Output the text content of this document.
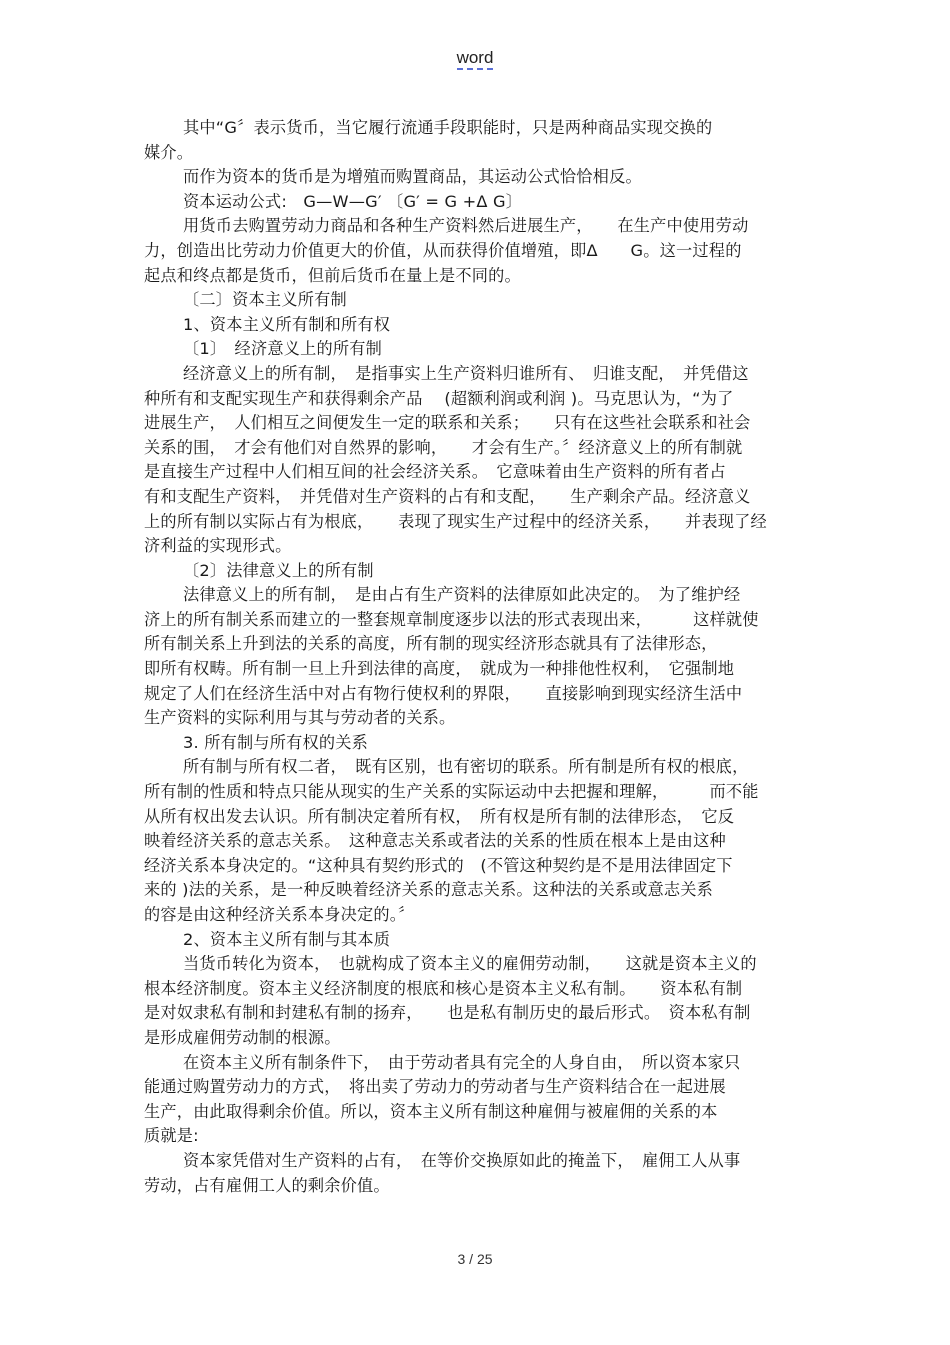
word
其中“G〞表示货币，当它履行流通手段职能时，只是两种商品实现交换的
媒介。
而作为资本的货币是为增殖而购置商品，其运动公式恰恰相反。
资本运动公式:　G—W—G′ 〔G′ = G +Δ G〕
用货币去购置劳动力商品和各种生产资料然后进展生产，　　在生产中使用劳动
力，创造出比劳动力价值更大的价值，从而获得价值增殖，即Δ　　G。这一过程的
起点和终点都是货币，但前后货币在量上是不同的。
〔二〕资本主义所有制
1、资本主义所有制和所有权
〔1〕　经济意义上的所有制
经济意义上的所有制，　是指事实上生产资料归谁所有、　归谁支配，　并凭借这
种所有和支配实现生产和获得剩余产品　 (超额利润或利润 )。马克思认为，“为了
进展生产，　人们相互之间便发生一定的联系和关系；　　只有在这些社会联系和社会
关系的围，　才会有他们对自然界的影响，　　才会有生产。〞经济意义上的所有制就
是直接生产过程中人们相互间的社会经济关系。　它意味着由生产资料的所有者占
有和支配生产资料，　并凭借对生产资料的占有和支配，　　生产剩余产品。经济意义
上的所有制以实际占有为根底，　　表现了现实生产过程中的经济关系，　　并表现了经
济利益的实现形式。
〔2〕法律意义上的所有制
法律意义上的所有制，　是由占有生产资料的法律原如此决定的。　为了维护经
济上的所有制关系而建立的一整套规章制度逐步以法的形式表现出来，　　　这样就使
所有制关系上升到法的关系的高度，所有制的现实经济形态就具有了法律形态，
即所有权畴。所有制一旦上升到法律的高度，　就成为一种排他性权利，　它强制地
规定了人们在经济生活中对占有物行使权利的界限，　　直接影响到现实经济生活中
生产资料的实际利用与其与劳动者的关系。
3. 所有制与所有权的关系
所有制与所有权二者，　既有区别，也有密切的联系。所有制是所有权的根底，
所有制的性质和特点只能从现实的生产关系的实际运动中去把握和理解，　　　而不能
从所有权出发去认识。所有制决定着所有权，　所有权是所有制的法律形态，　它反
映着经济关系的意志关系。　这种意志关系或者法的关系的性质在根本上是由这种
经济关系本身决定的。“这种具有契约形式的　(不管这种契约是不是用法律固定下
来的 )法的关系，是一种反映着经济关系的意志关系。这种法的关系或意志关系
的容是由这种经济关系本身决定的。〞
2、资本主义所有制与其本质
当货币转化为资本，　也就构成了资本主义的雇佣劳动制，　　这就是资本主义的
根本经济制度。资本主义经济制度的根底和核心是资本主义私有制。　　资本私有制
是对奴隶私有制和封建私有制的扬弃，　　也是私有制历史的最后形式。　资本私有制
是形成雇佣劳动制的根源。
在资本主义所有制条件下，　由于劳动者具有完全的人身自由，　所以资本家只
能通过购置劳动力的方式，　将出卖了劳动力的劳动者与生产资料结合在一起进展
生产，由此取得剩余价值。所以，资本主义所有制这种雇佣与被雇佣的关系的本
质就是:
资本家凭借对生产资料的占有，　在等价交换原如此的掩盖下，　雇佣工人从事
劳动，占有雇佣工人的剩余价值。
3 / 25
